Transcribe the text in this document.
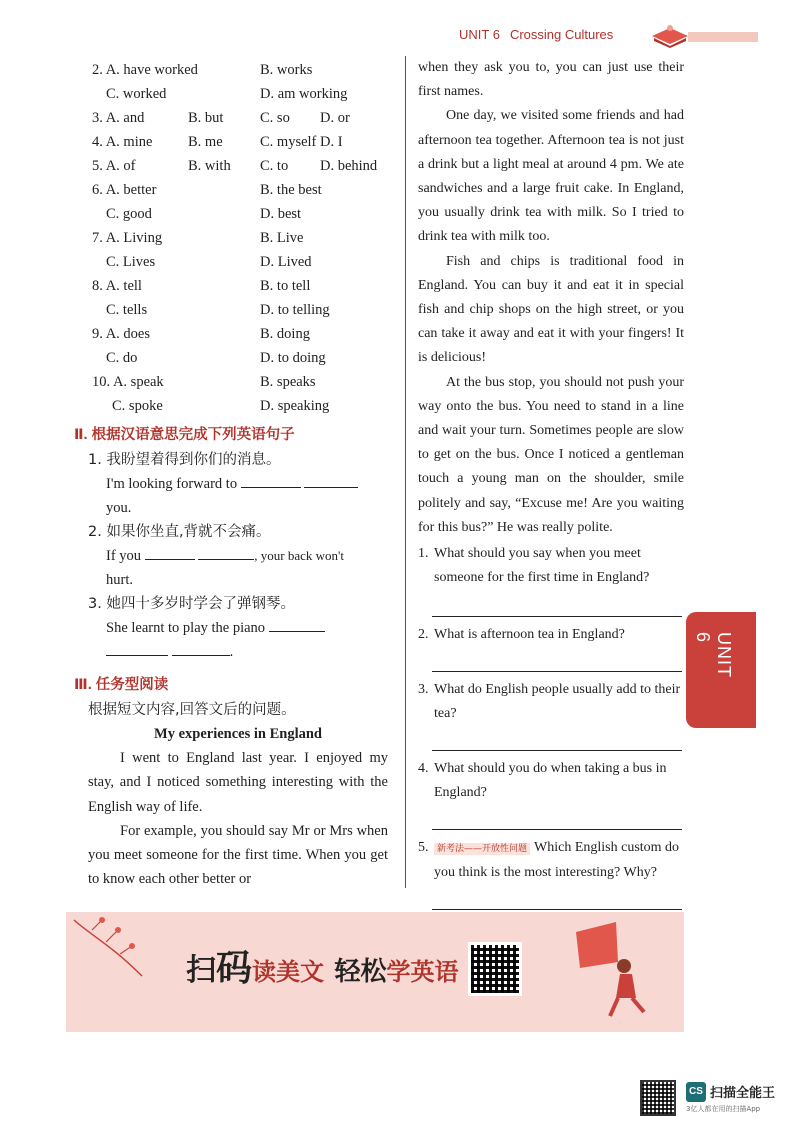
UNIT 6 Crossing Cultures
2. A. have worked	B. works
C. worked	D. am working
3. A. and	B. but	C. so D. or
4. A. mine B. me	C. myself D. I
5. A. of	B. with C. to D. behind
6. A. better	B. the best
C. good	D. best
7. A. Living	B. Live
C. Lives	D. Lived
8. A. tell	B. to tell
C. tells	D. to telling
9. A. does	B. doing
C. do	D. to doing
10. A. speak	B. speaks
C. spoke	D. speaking
Ⅱ. 根据汉语意思完成下列英语句子
1. 我盼望着得到你们的消息。
I'm looking forward to
you.
2. 如果你坐直,背就不会痛。
If you	, your back won't
hurt.
3. 她四十多岁时学会了弹钢琴。
She learnt to play the piano
.
Ⅲ. 任务型阅读
根据短文内容,回答文后的问题。
My experiences in England

I went to England last year. I enjoyed my stay, and I noticed something interesting with the English way of life.

For example, you should say Mr or Mrs when you meet someone for the first time. When you get to know each other better or

when they ask you to, you can just use their first names.

One day, we visited some friends and had afternoon tea together. Afternoon tea is not just a drink but a light meal at around 4 pm. We ate sandwiches and a large fruit cake. In England, you usually drink tea with milk. So I tried to drink tea with milk too.

Fish and chips is traditional food in England. You can buy it and eat it in special fish and chip shops on the high street, or you can take it away and eat it with your fingers! It is delicious!

At the bus stop, you should not push your way onto the bus. You need to stand in a line and wait your turn. Sometimes people are slow to get on the bus. Once I noticed a gentleman touch a young man on the shoulder, smile politely and say, “Excuse me! Are you waiting for this bus?” He was really polite.

1. What should you say when you meet someone for the first time in England?
2. What is afternoon tea in England?
3. What do English people usually add to their tea?
4. What should you do when taking a bus in England?
5. 新考法——开放性问题 Which English custom do you think is the most interesting? Why?
UNIT 6
扫码读美文 轻松学英语
CS 扫描全能王
3亿人都在用的扫描App
